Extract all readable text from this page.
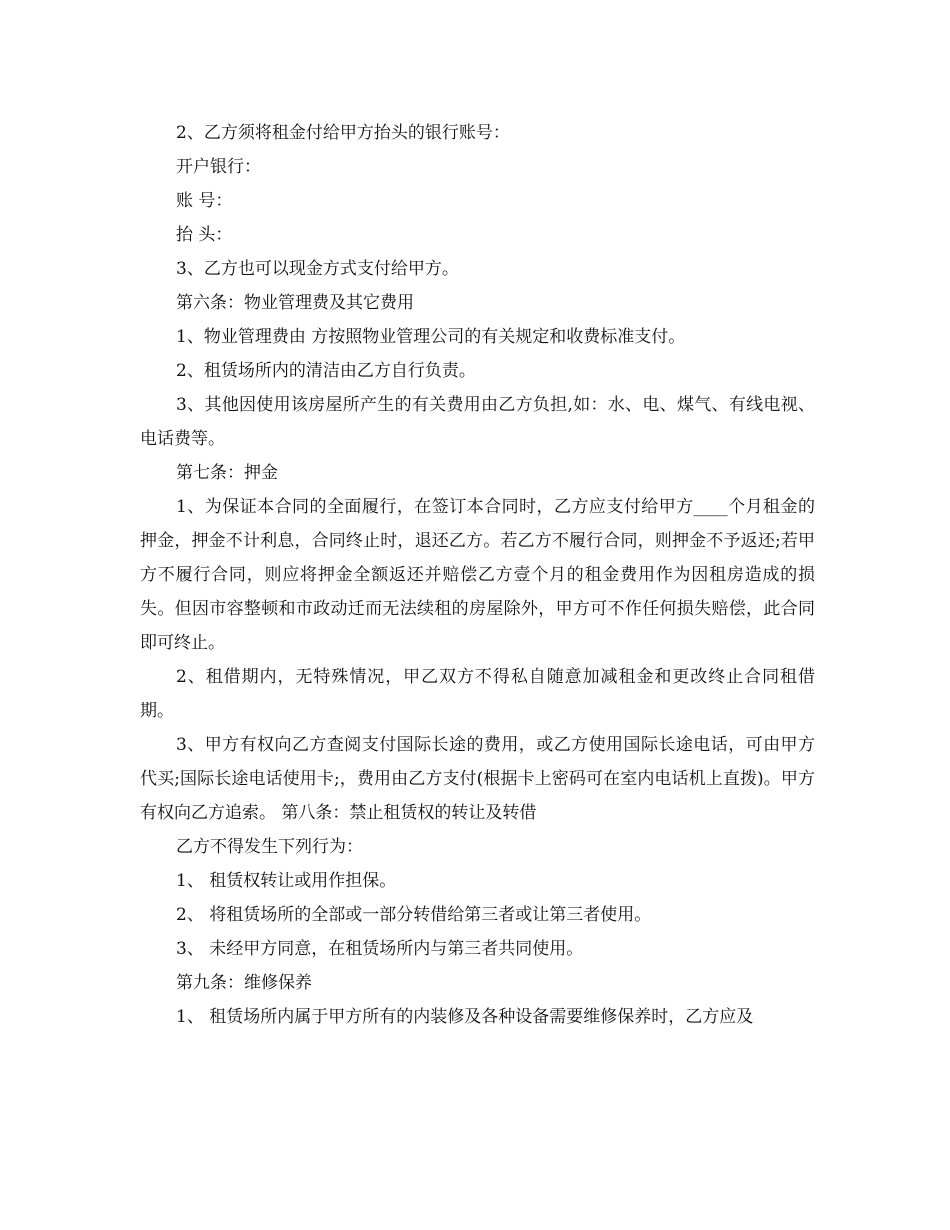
2、乙方须将租金付给甲方抬头的银行账号：

开户银行：

账 号：

抬 头：

3、乙方也可以现金方式支付给甲方。

第六条：物业管理费及其它费用

1、物业管理费由 方按照物业管理公司的有关规定和收费标准支付。

2、租赁场所内的清洁由乙方自行负责。

3、其他因使用该房屋所产生的有关费用由乙方负担,如：水、电、煤气、有线电视、电话费等。

第七条：押金

1、为保证本合同的全面履行，在签订本合同时，乙方应支付给甲方____个月租金的押金，押金不计利息，合同终止时，退还乙方。若乙方不履行合同，则押金不予返还;若甲方不履行合同，则应将押金全额返还并赔偿乙方壹个月的租金费用作为因租房造成的损失。但因市容整顿和市政动迁而无法续租的房屋除外，甲方可不作任何损失赔偿，此合同即可终止。

2、租借期内，无特殊情况，甲乙双方不得私自随意加减租金和更改终止合同租借期。

3、甲方有权向乙方查阅支付国际长途的费用，或乙方使用国际长途电话，可由甲方代买;国际长途电话使用卡;，费用由乙方支付(根据卡上密码可在室内电话机上直拨)。甲方有权向乙方追索。 第八条：禁止租赁权的转让及转借

乙方不得发生下列行为：

1、 租赁权转让或用作担保。

2、 将租赁场所的全部或一部分转借给第三者或让第三者使用。

3、 未经甲方同意，在租赁场所内与第三者共同使用。

第九条：维修保养

1、 租赁场所内属于甲方所有的内装修及各种设备需要维修保养时，乙方应及
